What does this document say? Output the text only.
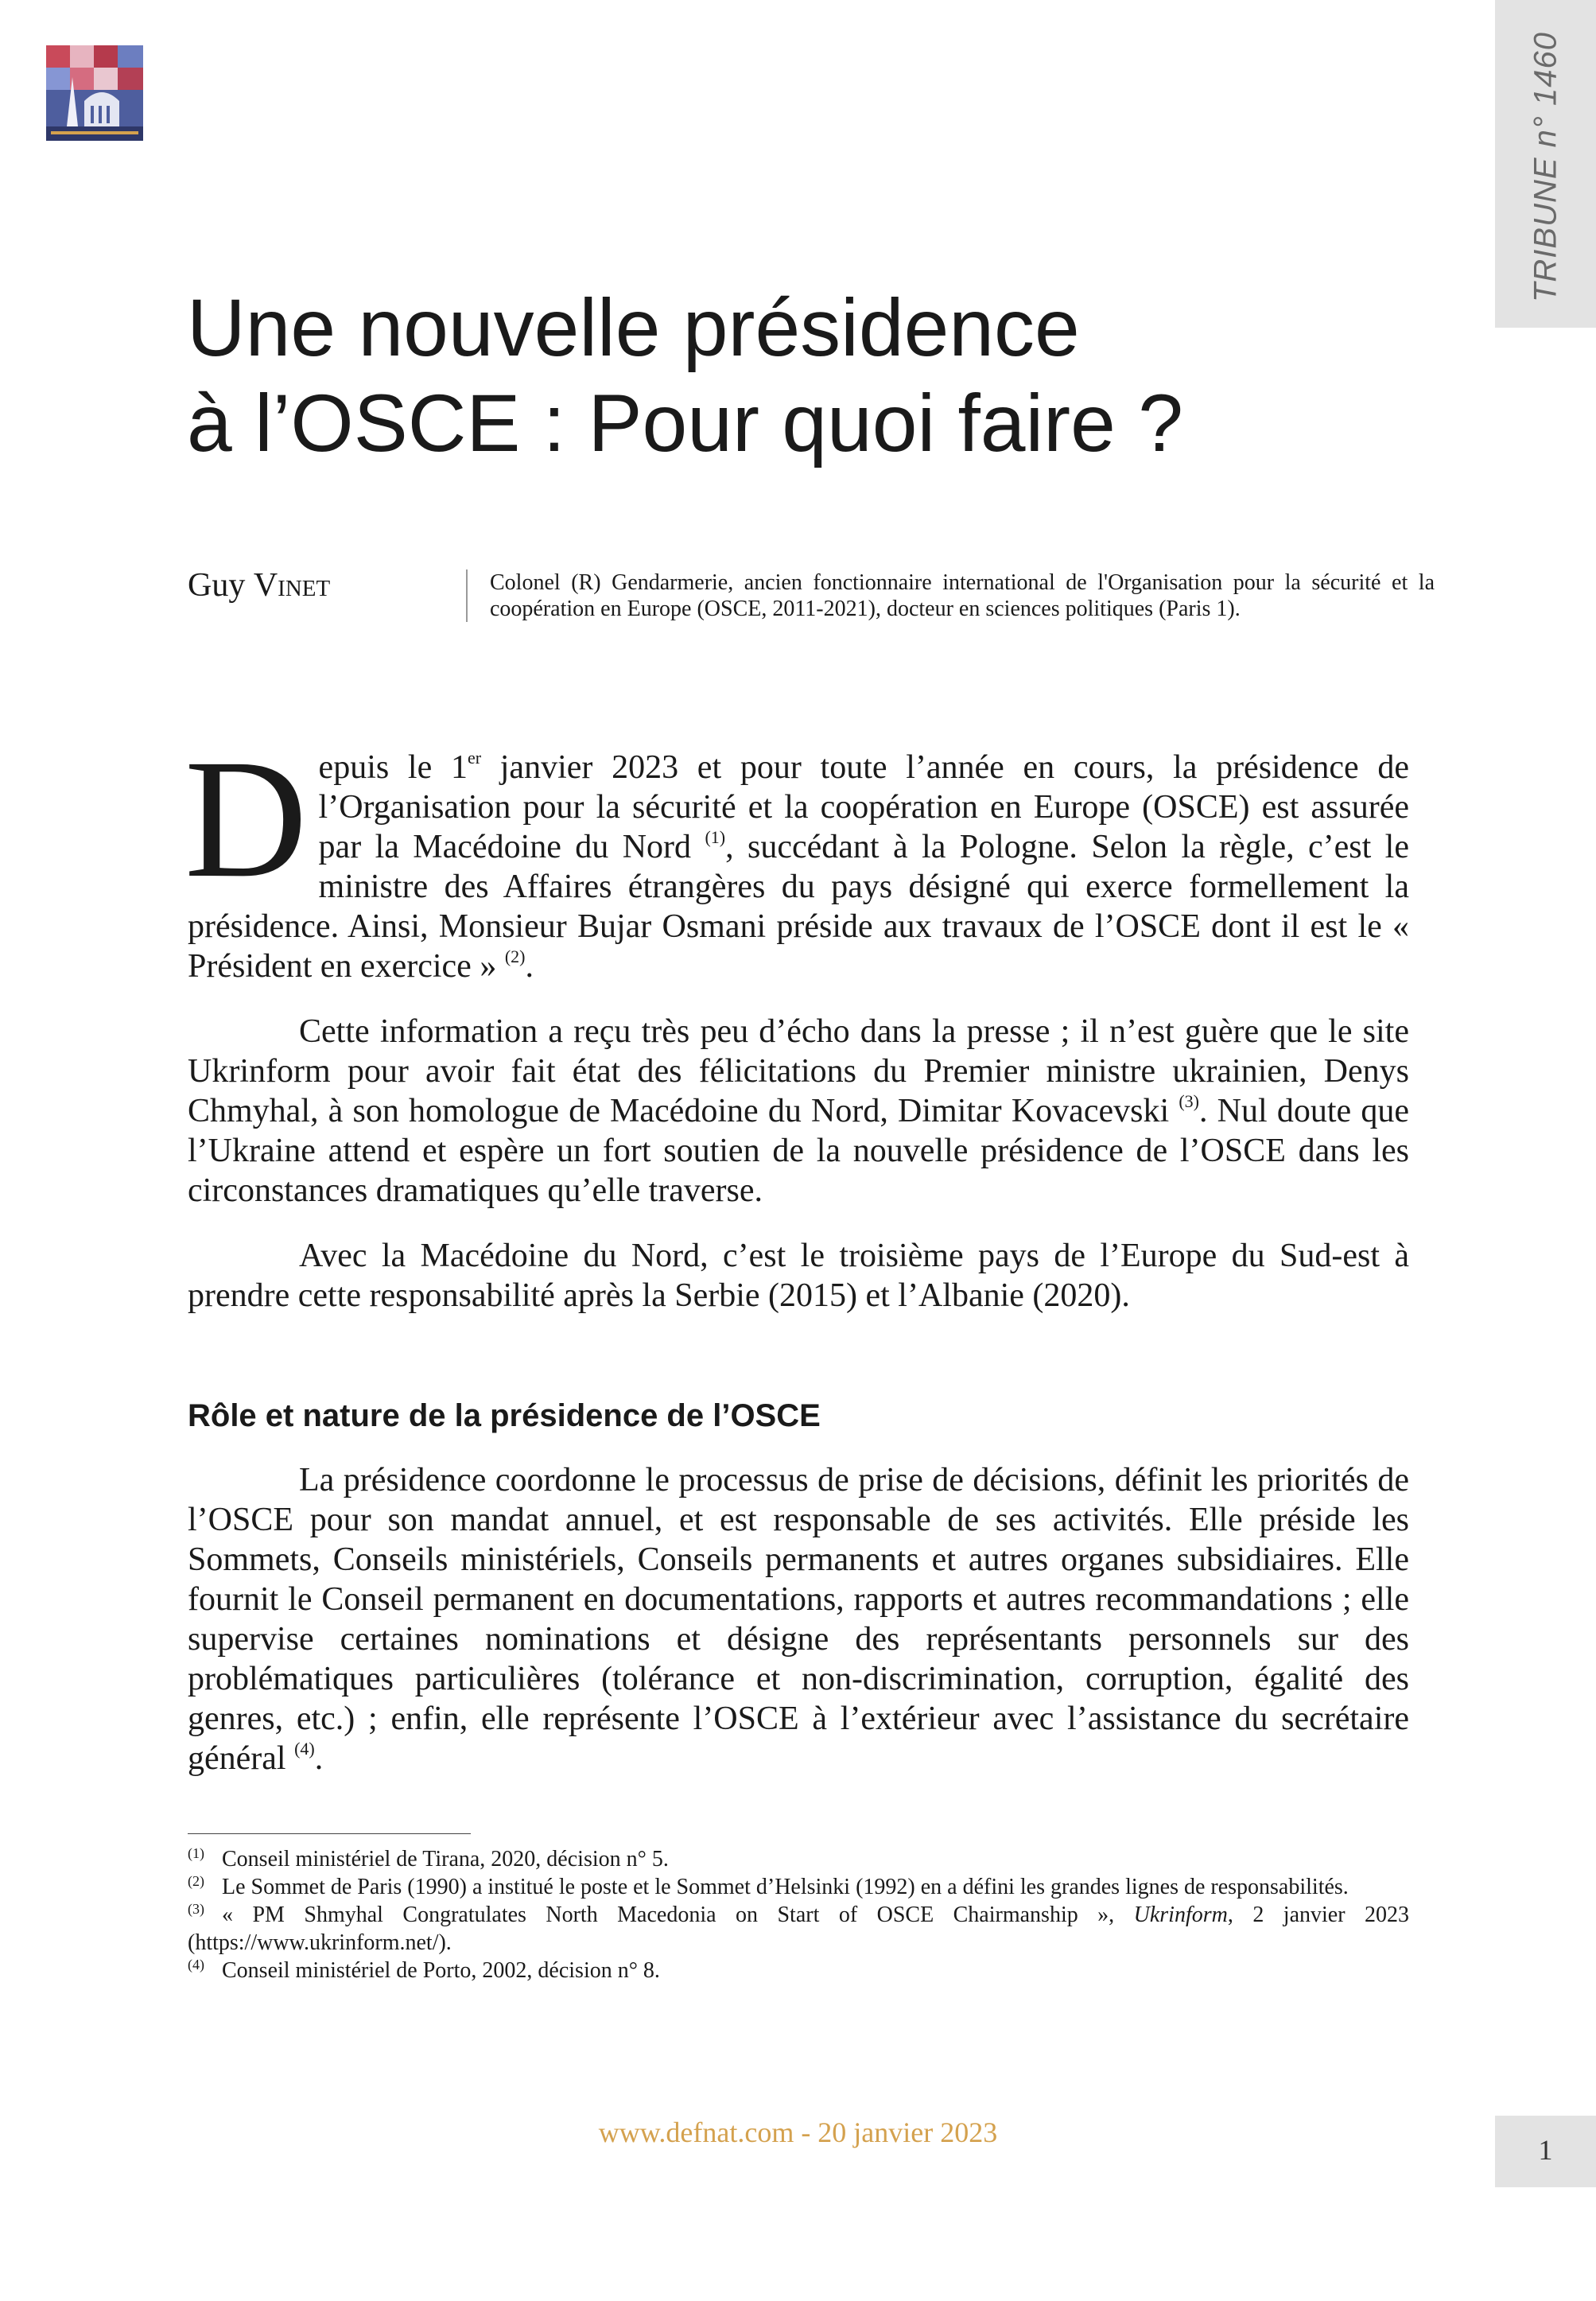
TRIBUNE n° 1460
Une nouvelle présidence
à l’OSCE : Pour quoi faire ?
Guy Vinet	Colonel (R) Gendarmerie, ancien fonctionnaire international de l'Organisation pour la sécurité et la coopération en Europe (OSCE, 2011-2021), docteur en sciences politiques (Paris 1).

Depuis le 1er janvier 2023 et pour toute l’année en cours, la présidence de l’Organisation pour la sécurité et la coopération en Europe (OSCE) est assurée par la Macédoine du Nord $^{(1)}$, succédant à la Pologne. Selon la règle, c’est le ministre des Affaires étrangères du pays désigné qui exerce formellement la présidence. Ainsi, Monsieur Bujar Osmani préside aux travaux de l’OSCE dont il est le « Président en exercice » $^{(2)}$.

Cette information a reçu très peu d’écho dans la presse ; il n’est guère que le site Ukrinform pour avoir fait état des félicitations du Premier ministre ukrainien, Denys Chmyhal, à son homologue de Macédoine du Nord, Dimitar Kovacevski $^{(3)}$. Nul doute que l’Ukraine attend et espère un fort soutien de la nouvelle présidence de l’OSCE dans les circonstances dramatiques qu’elle traverse.

Avec la Macédoine du Nord, c’est le troisième pays de l’Europe du Sud-est à prendre cette responsabilité après la Serbie (2015) et l’Albanie (2020).

Rôle et nature de la présidence de l’OSCE

La présidence coordonne le processus de prise de décisions, définit les priorités de l’OSCE pour son mandat annuel, et est responsable de ses activités. Elle préside les Sommets, Conseils ministériels, Conseils permanents et autres organes subsidiaires. Elle fournit le Conseil permanent en documentations, rapports et autres recommandations ; elle supervise certaines nominations et désigne des représentants personnels sur des problématiques particulières (tolérance et non-discrimination, corruption, égalité des genres, etc.) ; enfin, elle représente l’OSCE à l’extérieur avec l’assistance du secrétaire général $^{(4)}$.

$^{(1)}$ Conseil ministériel de Tirana, 2020, décision n° 5.

$^{(2)}$ Le Sommet de Paris (1990) a institué le poste et le Sommet d’Helsinki (1992) en a défini les grandes lignes de responsabilités.

$^{(3)}$ « PM Shmyhal Congratulates North Macedonia on Start of OSCE Chairmanship », Ukrinform, 2 janvier 2023 (https://www.ukrinform.net/).

$^{(4)}$ Conseil ministériel de Porto, 2002, décision n° 8.

www.defnat.com - 20 janvier 2023
1
